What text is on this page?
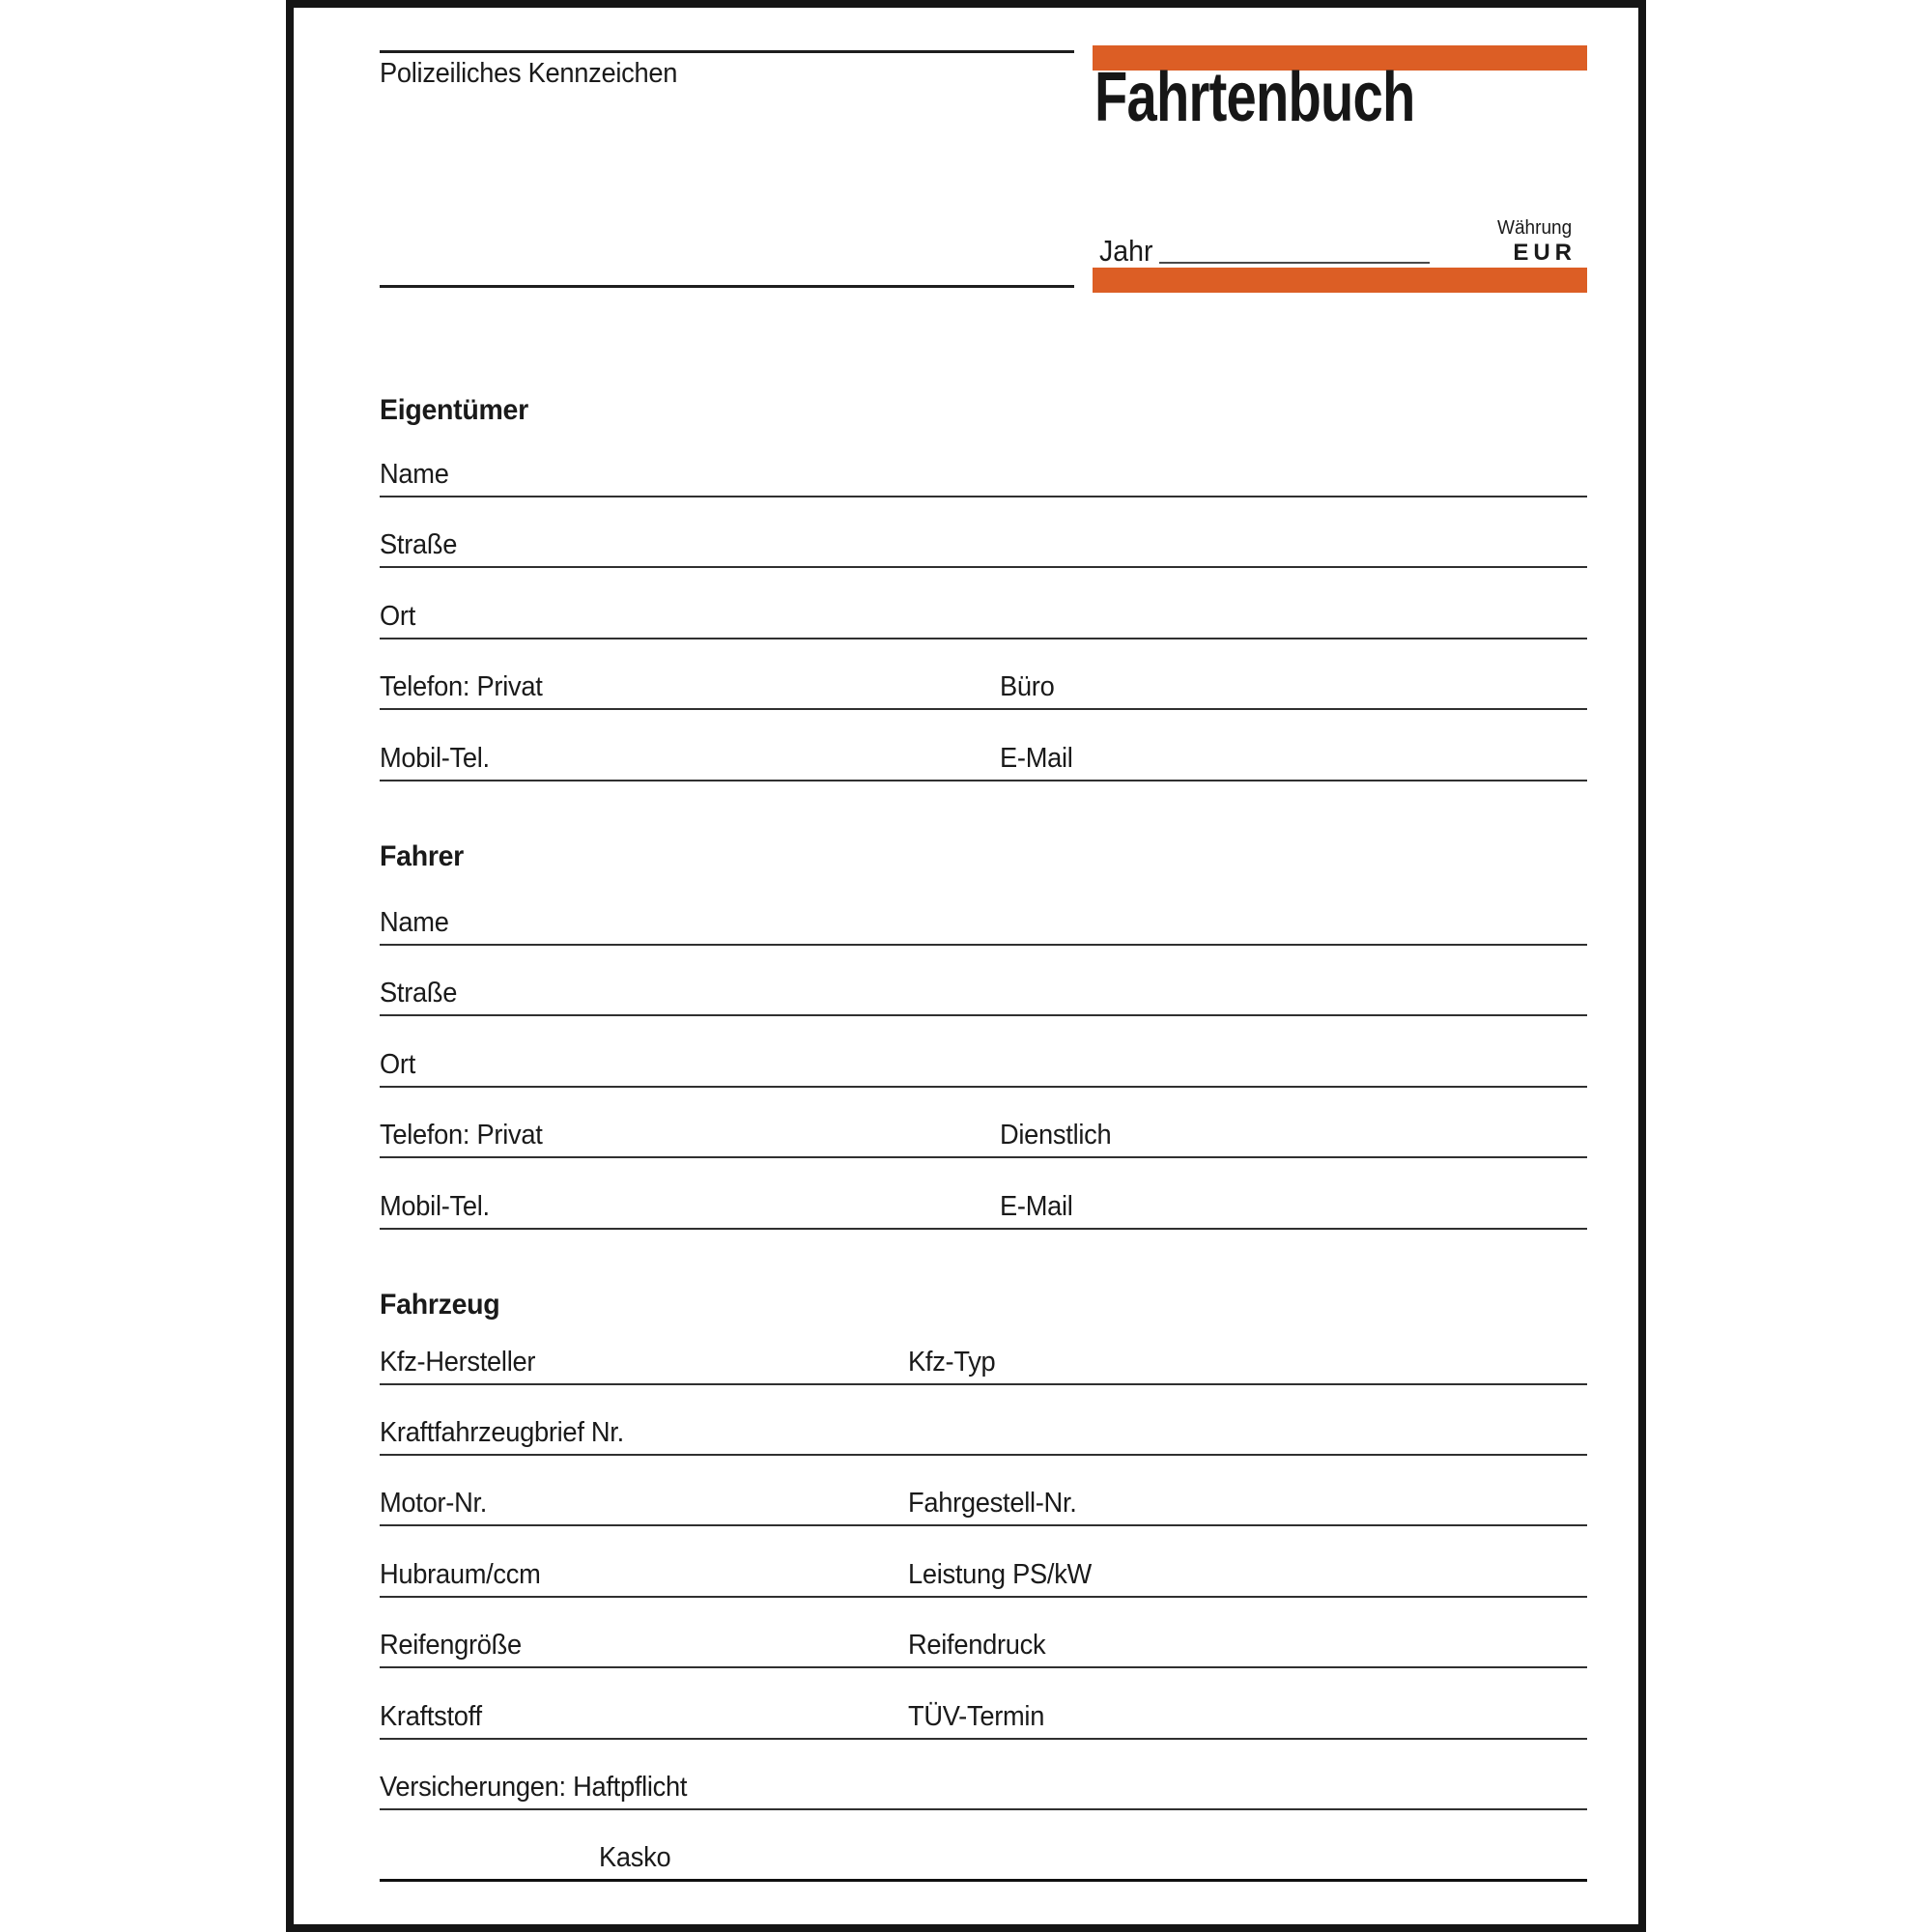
Polizeiliches Kennzeichen	Fahrtenbuch
Jahr
Währung
EUR
Eigentümer
Name
Straße
Ort
Telefon: Privat	Büro
Mobil-Tel.	E-Mail
Fahrer
Name
Straße
Ort
Telefon: Privat	Dienstlich
Mobil-Tel.	E-Mail
Fahrzeug
Kfz-Hersteller	Kfz-Typ
Kraftfahrzeugbrief Nr.
Motor-Nr.	Fahrgestell-Nr.
Hubraum/ccm	Leistung PS/kW
Reifengröße	Reifendruck
Kraftstoff	TÜV-Termin
Versicherungen: Haftpflicht
Kasko
